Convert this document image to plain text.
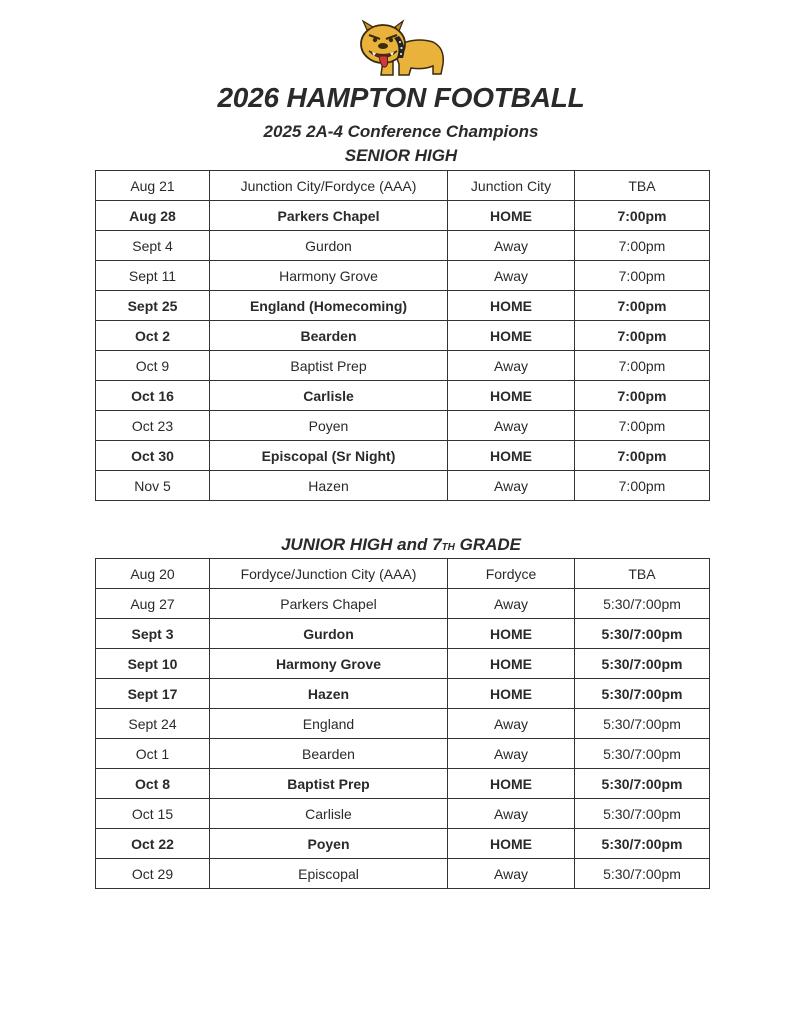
2026 HAMPTON FOOTBALL
2025 2A-4 Conference Champions
SENIOR HIGH
Aug 21	Junction City/Fordyce (AAA)	Junction City	TBA
Aug 28	Parkers Chapel	HOME	7:00pm
Sept 4	Gurdon	Away	7:00pm
Sept 11	Harmony Grove	Away	7:00pm
Sept 25	England (Homecoming)	HOME	7:00pm
Oct 2	Bearden	HOME	7:00pm
Oct 9	Baptist Prep	Away	7:00pm
Oct 16	Carlisle	HOME	7:00pm
Oct 23	Poyen	Away	7:00pm
Oct 30	Episcopal (Sr Night)	HOME	7:00pm
Nov 5	Hazen	Away	7:00pm
JUNIOR HIGH and 7TH GRADE
Aug 20	Fordyce/Junction City (AAA)	Fordyce	TBA
Aug 27	Parkers Chapel	Away	5:30/7:00pm
Sept 3	Gurdon	HOME	5:30/7:00pm
Sept 10	Harmony Grove	HOME	5:30/7:00pm
Sept 17	Hazen	HOME	5:30/7:00pm
Sept 24	England	Away	5:30/7:00pm
Oct 1	Bearden	Away	5:30/7:00pm
Oct 8	Baptist Prep	HOME	5:30/7:00pm
Oct 15	Carlisle	Away	5:30/7:00pm
Oct 22	Poyen	HOME	5:30/7:00pm
Oct 29	Episcopal	Away	5:30/7:00pm
